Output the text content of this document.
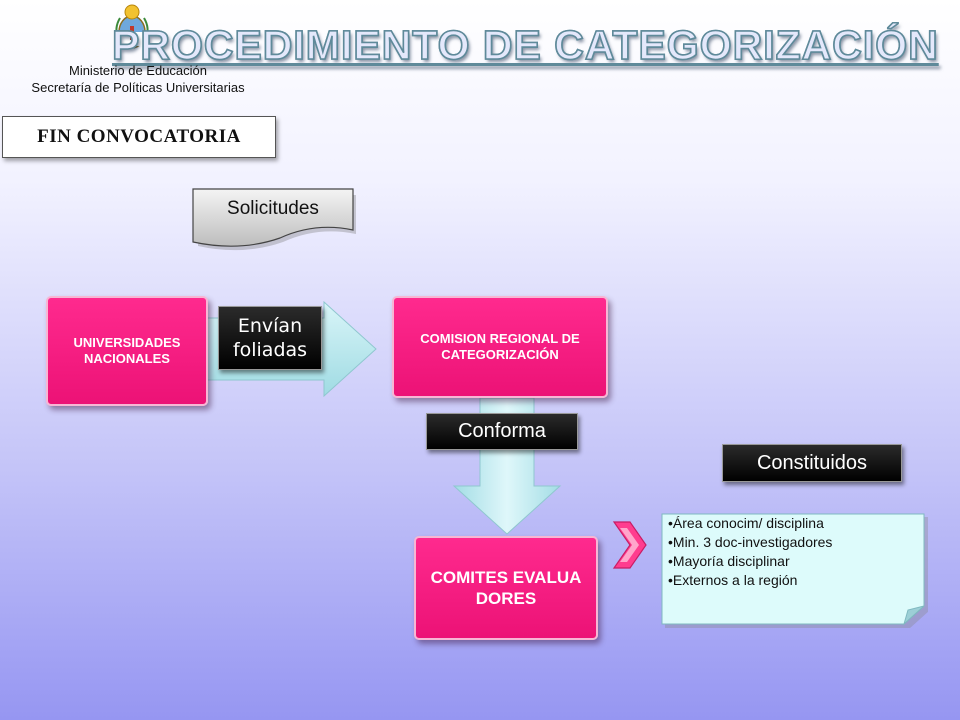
PROCEDIMIENTO DE CATEGORIZACIÓN
Ministerio de Educación
Secretaría de Políticas Universitarias
FIN CONVOCATORIA
Solicitudes
UNIVERSIDADES NACIONALES
COMISION REGIONAL DE CATEGORIZACIÓN
COMITES EVALUADORES
Envían foliadas
Conforma
Constituidos
• Área conocim/ disciplina
• Min. 3 doc-investigadores
• Mayoría disciplinar
• Externos a la región
